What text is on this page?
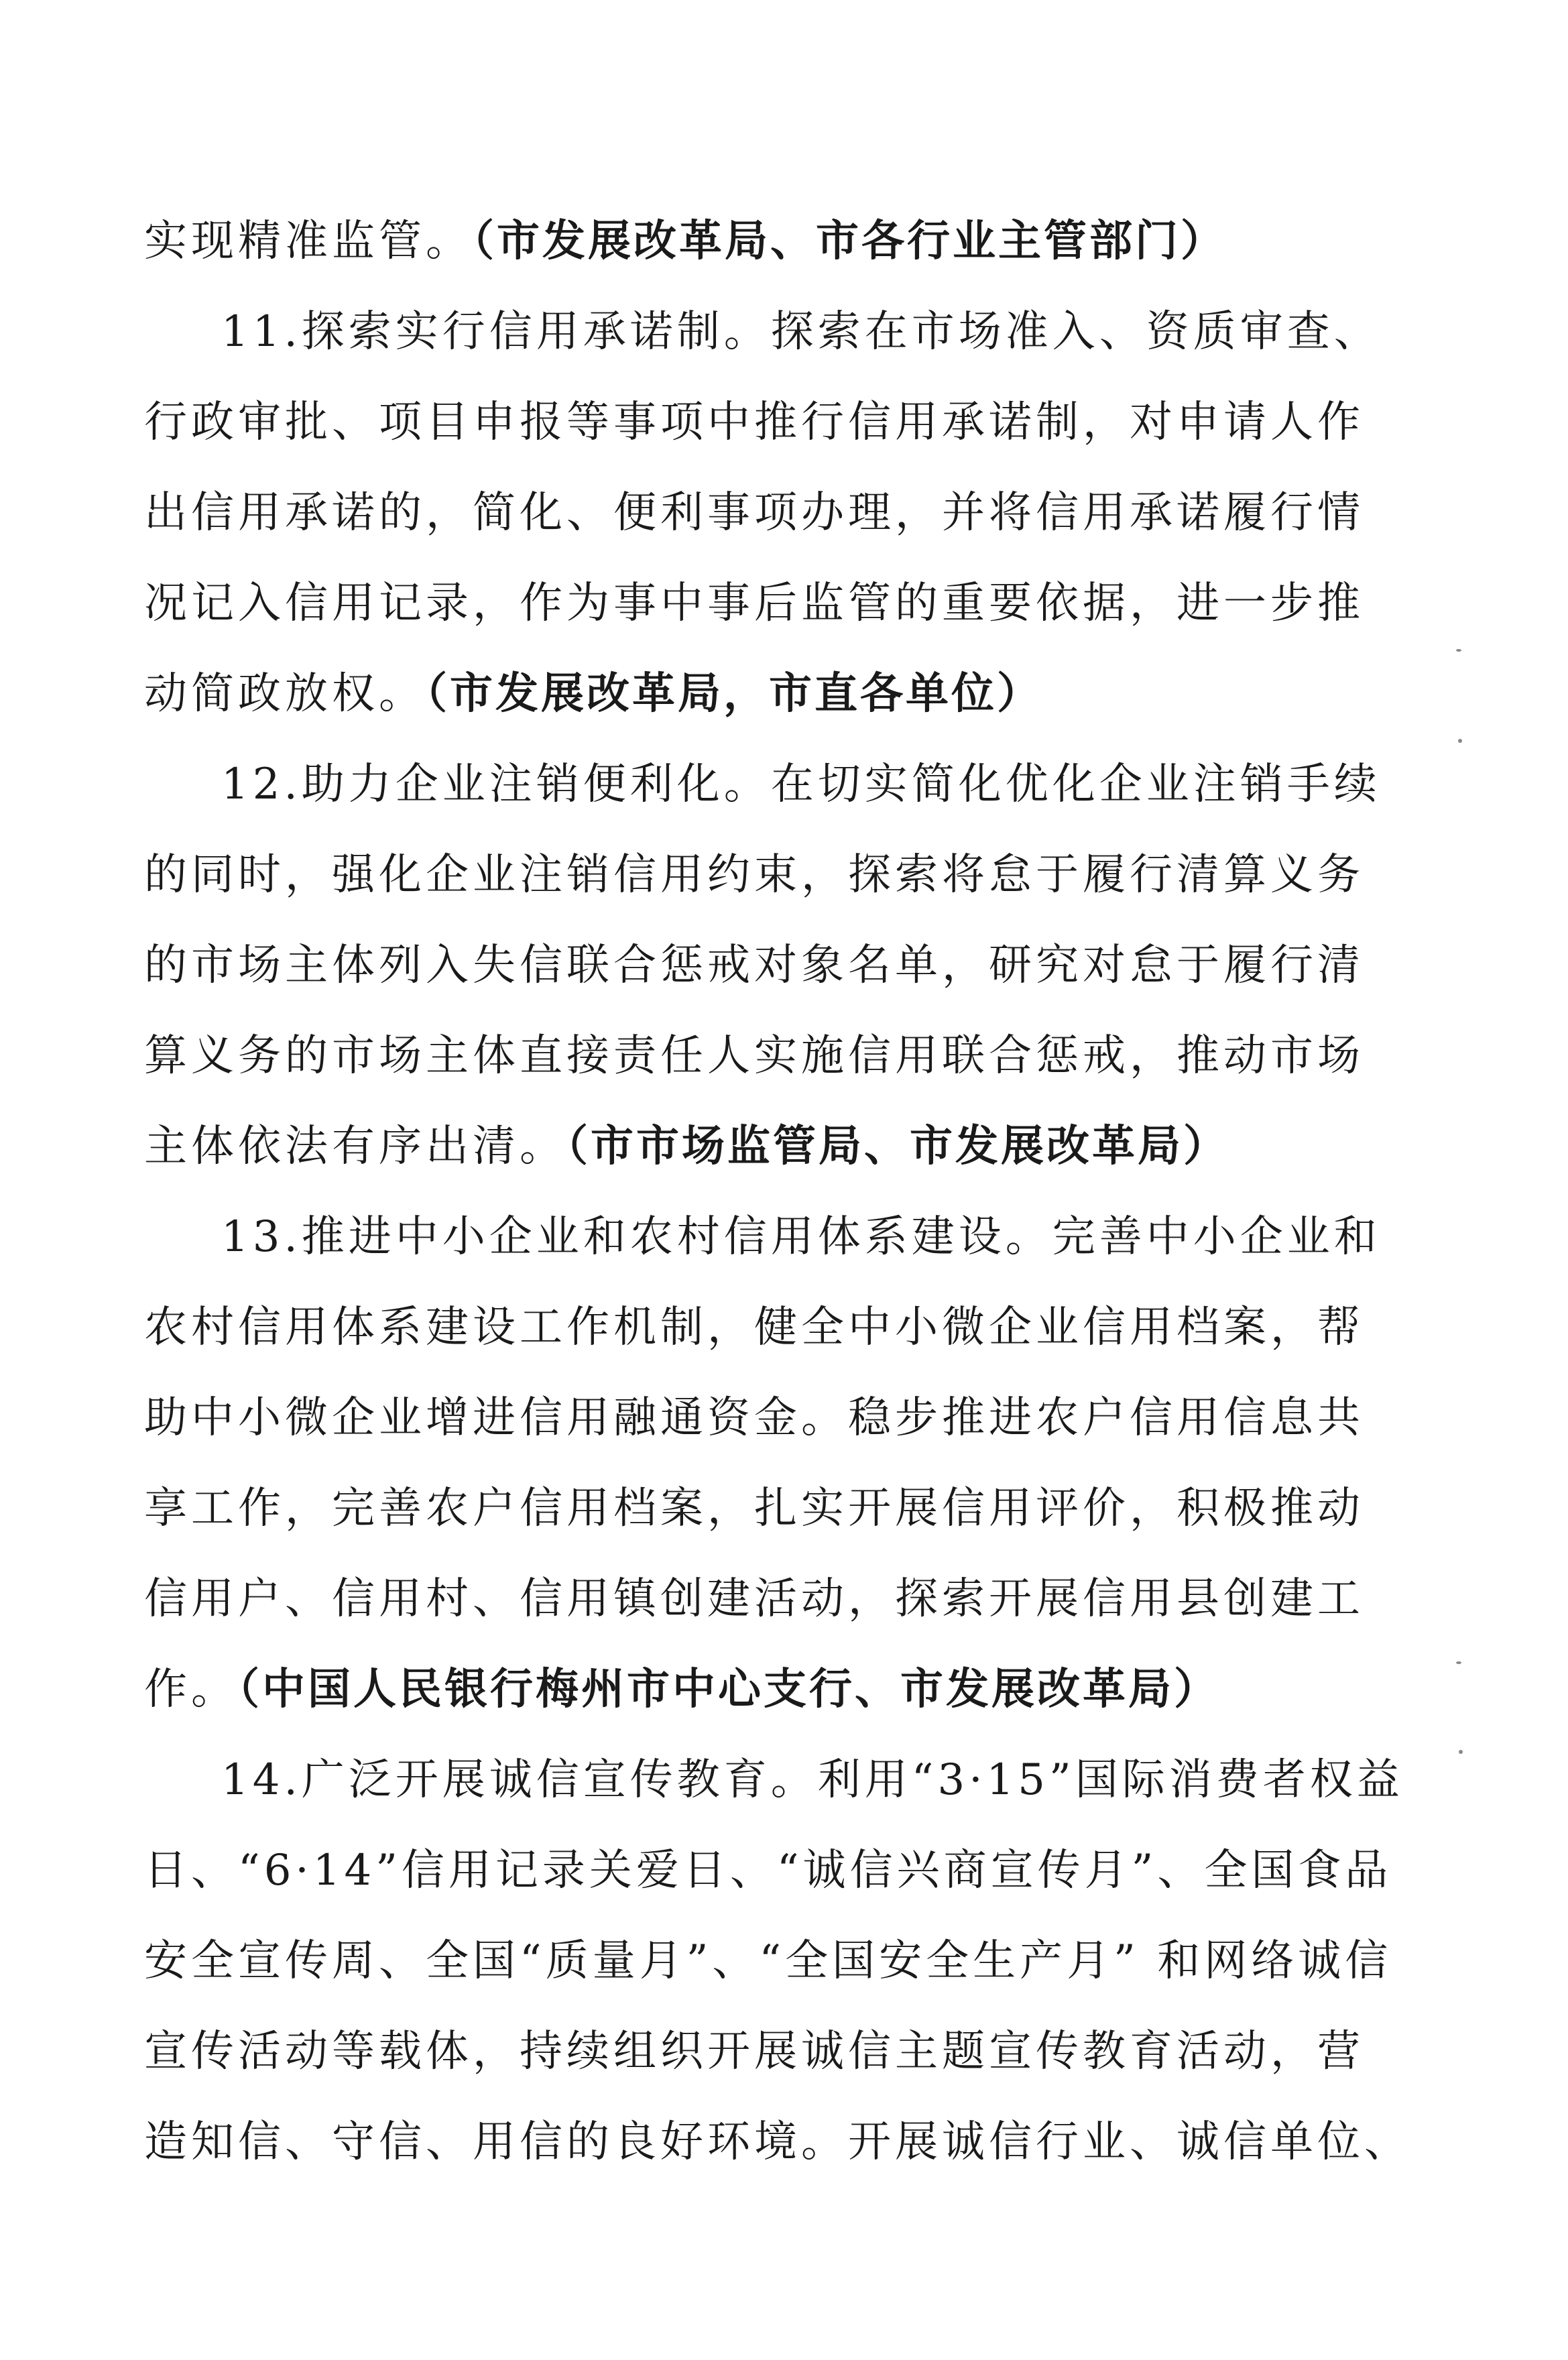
实现精准监管。（市发展改革局、市各行业主管部门）
11.探索实行信用承诺制。探索在市场准入、资质审查、
行政审批、项目申报等事项中推行信用承诺制，对申请人作
出信用承诺的，简化、便利事项办理，并将信用承诺履行情
况记入信用记录，作为事中事后监管的重要依据，进一步推
动简政放权。（市发展改革局，市直各单位）
12.助力企业注销便利化。在切实简化优化企业注销手续
的同时，强化企业注销信用约束，探索将怠于履行清算义务
的市场主体列入失信联合惩戒对象名单，研究对怠于履行清
算义务的市场主体直接责任人实施信用联合惩戒，推动市场
主体依法有序出清。（市市场监管局、市发展改革局）
13.推进中小企业和农村信用体系建设。完善中小企业和
农村信用体系建设工作机制，健全中小微企业信用档案，帮
助中小微企业增进信用融通资金。稳步推进农户信用信息共
享工作，完善农户信用档案，扎实开展信用评价，积极推动
信用户、信用村、信用镇创建活动，探索开展信用县创建工
作。（中国人民银行梅州市中心支行、市发展改革局）
14.广泛开展诚信宣传教育。利用“3·15”国际消费者权益
日、“6·14”信用记录关爱日、“诚信兴商宣传月”、全国食品
安全宣传周、全国“质量月”、“全国安全生产月” 和网络诚信
宣传活动等载体，持续组织开展诚信主题宣传教育活动，营
造知信、守信、用信的良好环境。开展诚信行业、诚信单位、
